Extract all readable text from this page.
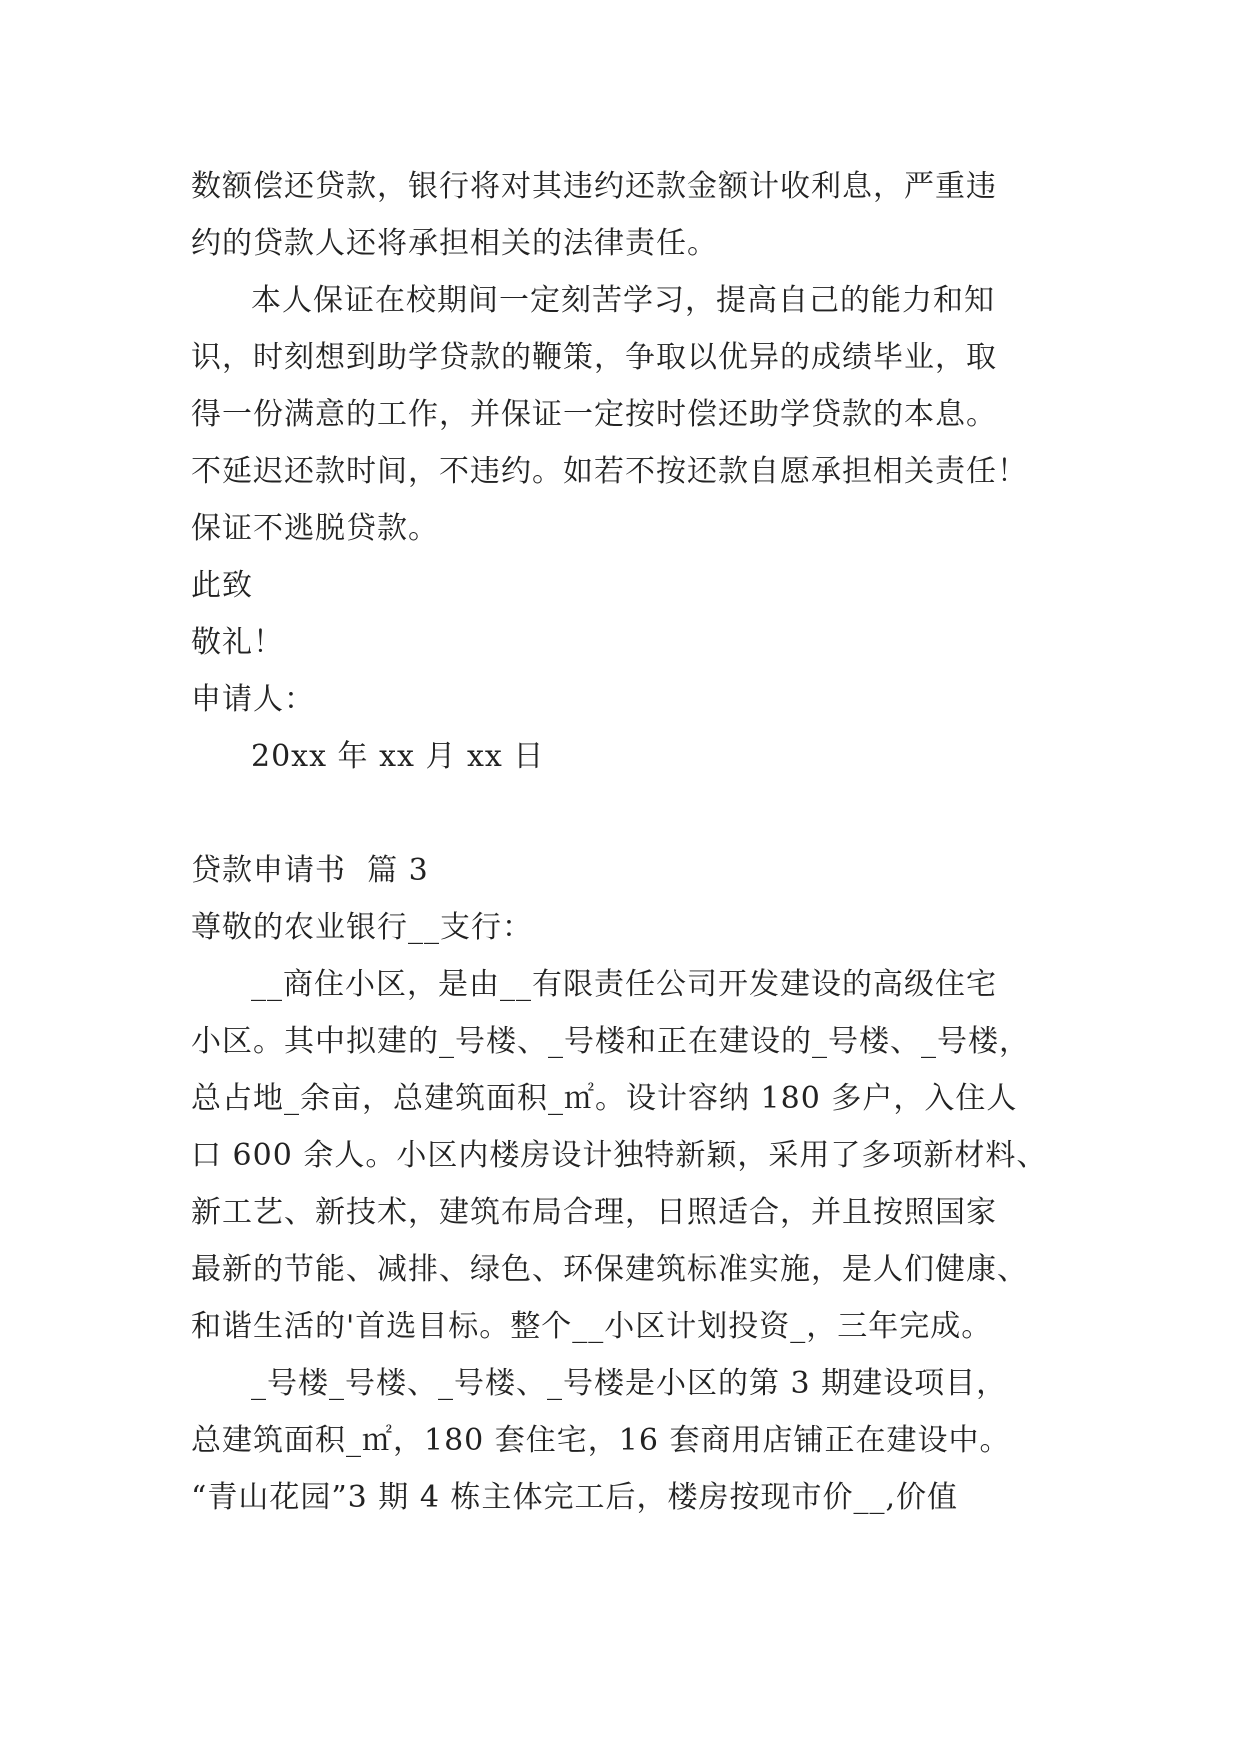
数额偿还贷款，银行将对其违约还款金额计收利息，严重违
约的贷款人还将承担相关的法律责任。
本人保证在校期间一定刻苦学习，提高自己的能力和知
识，时刻想到助学贷款的鞭策，争取以优异的成绩毕业，取
得一份满意的工作，并保证一定按时偿还助学贷款的本息。
不延迟还款时间，不违约。如若不按还款自愿承担相关责任！
保证不逃脱贷款。
此致
敬礼！
申请人：
20xx 年 xx 月 xx 日
贷款申请书  篇 3
尊敬的农业银行__支行：
__商住小区，是由__有限责任公司开发建设的高级住宅
小区。其中拟建的_号楼、_号楼和正在建设的_号楼、_号楼，
总占地_余亩，总建筑面积_㎡。设计容纳 180 多户，入住人
口 600 余人。小区内楼房设计独特新颖，采用了多项新材料、
新工艺、新技术，建筑布局合理，日照适合，并且按照国家
最新的节能、减排、绿色、环保建筑标准实施，是人们健康、
和谐生活的'首选目标。整个__小区计划投资_，三年完成。
_号楼_号楼、_号楼、_号楼是小区的第 3 期建设项目，
总建筑面积_㎡，180 套住宅，16 套商用店铺正在建设中。
“青山花园”3 期 4 栋主体完工后，楼房按现市价__,价值
